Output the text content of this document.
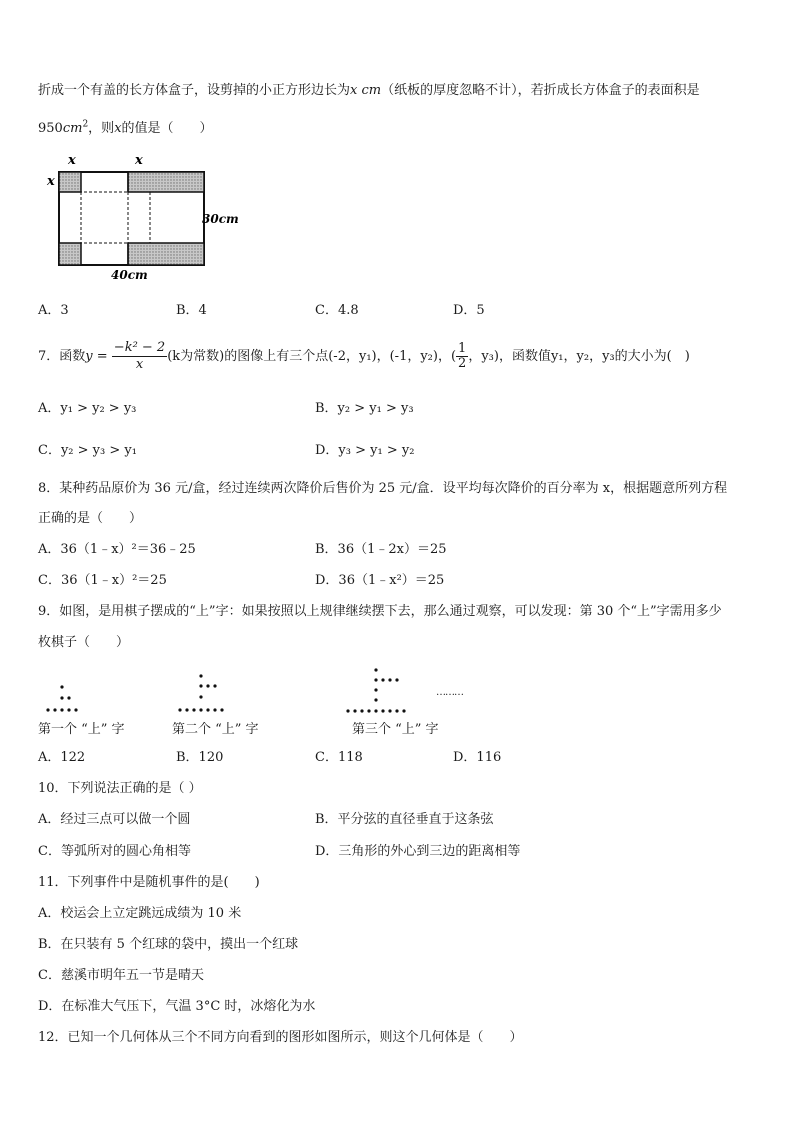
折成一个有盖的长方体盒子，设剪掉的小正方形边长为x cm（纸板的厚度忽略不计），若折成长方体盒子的表面积是
$950cm^2$，则x的值是（　　）
x	x
x
30cm
40cm
A．3	B．4	C．4.8	D．5
7．函数$y = \frac{\text{−k² − 2}}{x} (k$为常数)的图像上有三个点(-2，y₁)，(-1，y₂)，( $\frac{1}{2}$ ，y₃)，函数值y₁，y₂，y₃的大小为(　)
A．y₁ > y₂ > y₃	B．y₂ > y₁ > y₃
C．y₂ > y₃ > y₁	D．y₃ > y₁ > y₂
8．某种药品原价为 36 元/盒，经过连续两次降价后售价为 25 元/盒．设平均每次降价的百分率为 x，根据题意所列方程
正确的是（　　）
A．36（1﹣x）²＝36﹣25	B．36（1﹣2x）＝25
C．36（1﹣x）²＝25	D．36（1﹣x²）＝25
9．如图，是用棋子摆成的“上”字：如果按照以上规律继续摆下去，那么通过观察，可以发现：第 30 个“上”字需用多少
枚棋子（　　）
………
第一个 “上” 字	第二个 “上” 字	第三个 “上” 字
A．122	B．120	C．118	D．116
10．下列说法正确的是（ ）
A．经过三点可以做一个圆	B．平分弦的直径垂直于这条弦
C．等弧所对的圆心角相等	D．三角形的外心到三边的距离相等
11．下列事件中是随机事件的是(　　)
A．校运会上立定跳远成绩为 10 米
B．在只装有 5 个红球的袋中，摸出一个红球
C．慈溪市明年五一节是晴天
D．在标准大气压下，气温 3°C 时，冰熔化为水
12．已知一个几何体从三个不同方向看到的图形如图所示，则这个几何体是（　　）
